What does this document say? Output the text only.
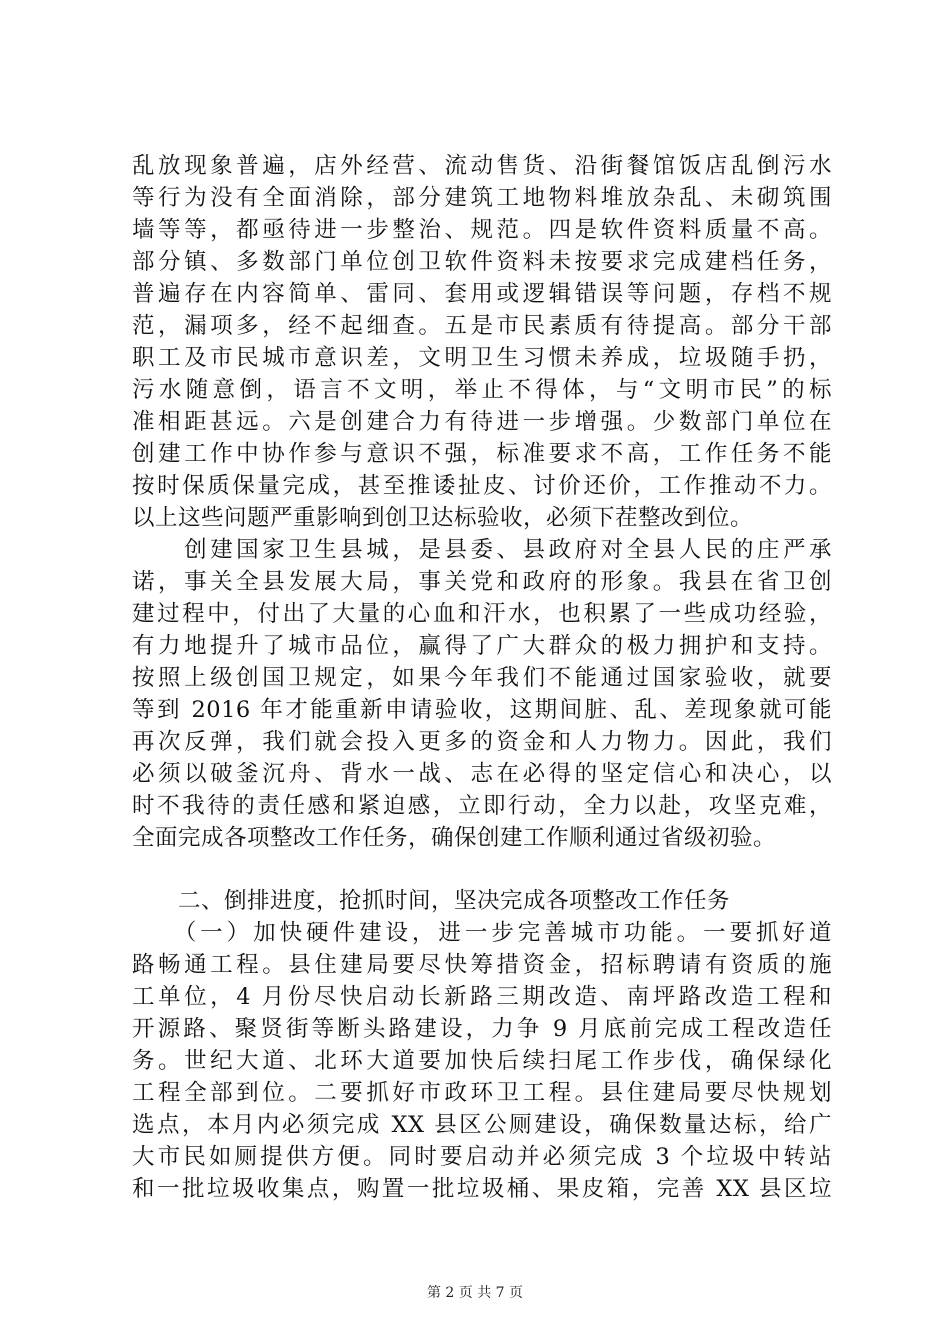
乱放现象普遍，店外经营、流动售货、沿街餐馆饭店乱倒污水
等行为没有全面消除，部分建筑工地物料堆放杂乱、未砌筑围
墙等等，都亟待进一步整治、规范。四是软件资料质量不高。
部分镇、多数部门单位创卫软件资料未按要求完成建档任务，
普遍存在内容简单、雷同、套用或逻辑错误等问题，存档不规
范，漏项多，经不起细查。五是市民素质有待提高。部分干部
职工及市民城市意识差，文明卫生习惯未养成，垃圾随手扔，
污水随意倒，语言不文明，举止不得体，与“文明市民”的标
准相距甚远。六是创建合力有待进一步增强。少数部门单位在
创建工作中协作参与意识不强，标准要求不高，工作任务不能
按时保质保量完成，甚至推诿扯皮、讨价还价，工作推动不力。
以上这些问题严重影响到创卫达标验收，必须下茬整改到位。
　　创建国家卫生县城，是县委、县政府对全县人民的庄严承
诺，事关全县发展大局，事关党和政府的形象。我县在省卫创
建过程中，付出了大量的心血和汗水，也积累了一些成功经验，
有力地提升了城市品位，赢得了广大群众的极力拥护和支持。
按照上级创国卫规定，如果今年我们不能通过国家验收，就要
等到 2016 年才能重新申请验收，这期间脏、乱、差现象就可能
再次反弹，我们就会投入更多的资金和人力物力。因此，我们
必须以破釜沉舟、背水一战、志在必得的坚定信心和决心，以
时不我待的责任感和紧迫感，立即行动，全力以赴，攻坚克难，
全面完成各项整改工作任务，确保创建工作顺利通过省级初验。
　　二、倒排进度，抢抓时间，坚决完成各项整改工作任务
　　（一）加快硬件建设，进一步完善城市功能。一要抓好道
路畅通工程。县住建局要尽快筹措资金，招标聘请有资质的施
工单位，4 月份尽快启动长新路三期改造、南坪路改造工程和
开源路、聚贤街等断头路建设，力争 9 月底前完成工程改造任
务。世纪大道、北环大道要加快后续扫尾工作步伐，确保绿化
工程全部到位。二要抓好市政环卫工程。县住建局要尽快规划
选点，本月内必须完成 XX 县区公厕建设，确保数量达标，给广
大市民如厕提供方便。同时要启动并必须完成 3 个垃圾中转站
和一批垃圾收集点，购置一批垃圾桶、果皮箱，完善 XX 县区垃
第 2 页 共 7 页
